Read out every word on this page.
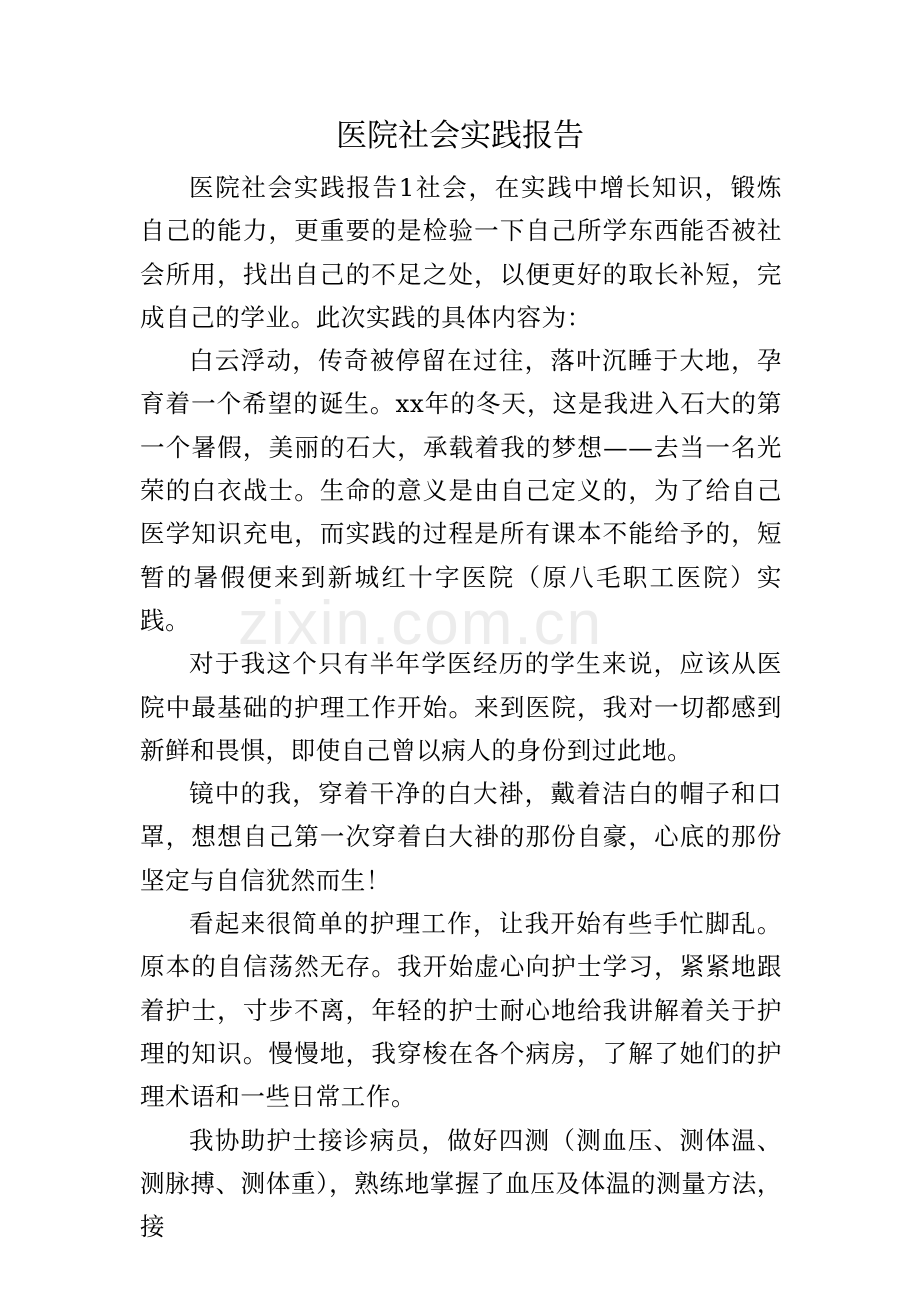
医院社会实践报告

医院社会实践报告1社会，在实践中增长知识，锻炼自己的能力，更重要的是检验一下自己所学东西能否被社会所用，找出自己的不足之处，以便更好的取长补短，完成自己的学业。此次实践的具体内容为：

白云浮动，传奇被停留在过往，落叶沉睡于大地，孕育着一个希望的诞生。xx年的冬天，这是我进入石大的第一个暑假，美丽的石大，承载着我的梦想——去当一名光荣的白衣战士。生命的意义是由自己定义的，为了给自己医学知识充电，而实践的过程是所有课本不能给予的，短暂的暑假便来到新城红十字医院（原八毛职工医院）实践。

对于我这个只有半年学医经历的学生来说，应该从医院中最基础的护理工作开始。来到医院，我对一切都感到新鲜和畏惧，即使自己曾以病人的身份到过此地。

镜中的我，穿着干净的白大褂，戴着洁白的帽子和口罩，想想自己第一次穿着白大褂的那份自豪，心底的那份坚定与自信犹然而生！

看起来很简单的护理工作，让我开始有些手忙脚乱。原本的自信荡然无存。我开始虚心向护士学习，紧紧地跟着护士，寸步不离，年轻的护士耐心地给我讲解着关于护理的知识。慢慢地，我穿梭在各个病房，了解了她们的护理术语和一些日常工作。

我协助护士接诊病员，做好四测（测血压、测体温、测脉搏、测体重），熟练地掌握了血压及体温的测量方法，接

zixin.com.cn
